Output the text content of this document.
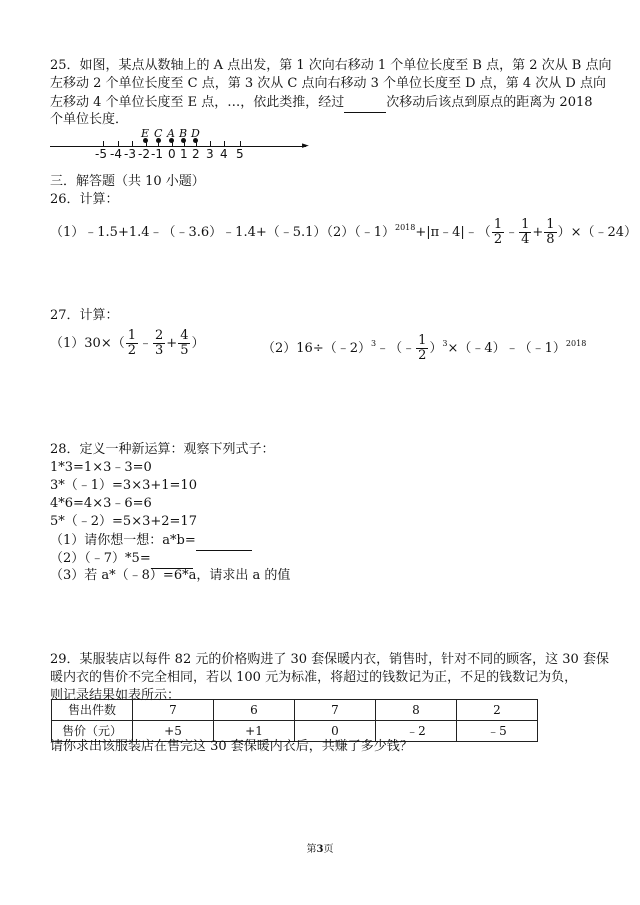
25．如图，某点从数轴上的 A 点出发，第 1 次向右移动 1 个单位长度至 B 点，第 2 次从 B 点向
左移动 2 个单位长度至 C 点，第 3 次从 C 点向右移动 3 个单位长度至 D 点，第 4 次从 D 点向
左移动 4 个单位长度至 E 点，…，依此类推，经过	次移动后该点到原点的距离为 2018
个单位长度．
►
E C A B D
-5 -4 -3 -2 -1 0 1 2 3 4 5
三．解答题（共 10 小题）
26．计算：
（1）﹣1.5+1.4﹣（﹣3.6）﹣1.4+（﹣5.1）（2）（﹣1）$^{2018}$+|π﹣4|﹣（ $\frac{1}{2}$ ﹣ $\frac{1}{4} + \frac{1}{8}$ ）×（﹣24）
27．计算：
$(1)30\times( \frac{1}{2}$ ﹣ $\frac{2}{3} + \frac{4}{5}$ ）	（2）16÷（﹣2）$^3$﹣（﹣ $\frac{1}{2}$ ）$^3$×（﹣4）﹣（﹣1）$^{2018}$
28．定义一种新运算：观察下列式子：
1*3=1×3﹣3=0
3*（﹣1）=3×3+1=10
4*6=4×3﹣6=6
5*（﹣2）=5×3+2=17
（1）请你想一想：a*b=
（2）（﹣7）*5=
（3）若 a*（﹣8）=6*a，请求出 a 的值
29．某服装店以每件 82 元的价格购进了 30 套保暖内衣，销售时，针对不同的顾客，这 30 套保
暖内衣的售价不完全相同，若以 100 元为标准，将超过的钱数记为正，不足的钱数记为负，
则记录结果如表所示：
售出件数	7	6	7	8	2
售价（元）	+5	+1	0	﹣2	﹣5
请你求出该服装店在售完这 30 套保暖内衣后，共赚了多少钱？
第3页
